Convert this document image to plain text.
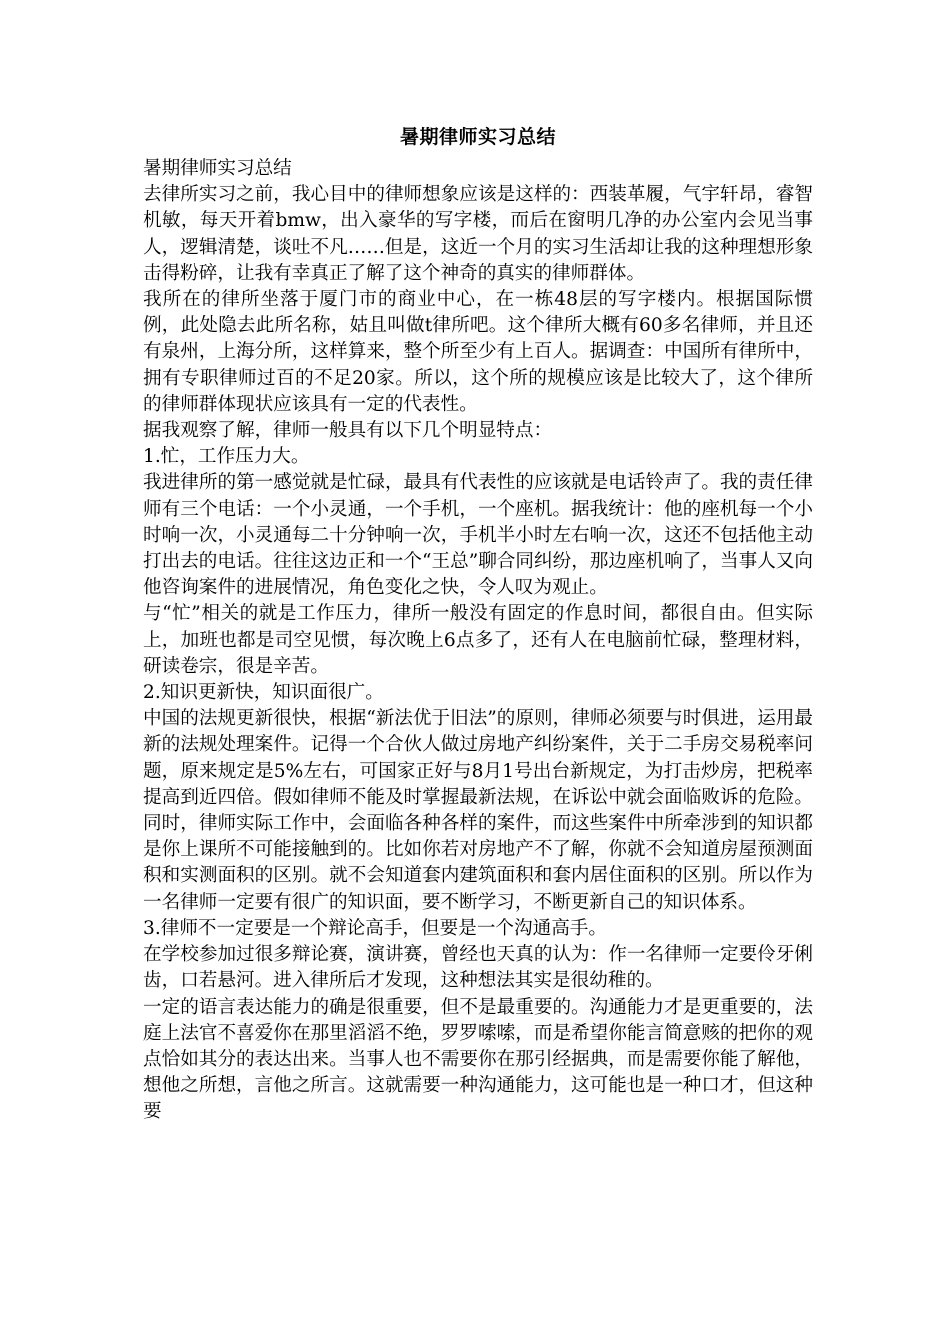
暑期律师实习总结

暑期律师实习总结

去律所实习之前，我心目中的律师想象应该是这样的：西装革履，气宇轩昂，睿智机敏，每天开着bmw，出入豪华的写字楼，而后在窗明几净的办公室内会见当事人，逻辑清楚，谈吐不凡……但是，这近一个月的实习生活却让我的这种理想形象击得粉碎，让我有幸真正了解了这个神奇的真实的律师群体。

我所在的律所坐落于厦门市的商业中心，在一栋48层的写字楼内。根据国际惯例，此处隐去此所名称，姑且叫做t律所吧。这个律所大概有60多名律师，并且还有泉州，上海分所，这样算来，整个所至少有上百人。据调查：中国所有律所中，拥有专职律师过百的不足20家。所以，这个所的规模应该是比较大了，这个律所的律师群体现状应该具有一定的代表性。

据我观察了解，律师一般具有以下几个明显特点：

1.忙，工作压力大。

我进律所的第一感觉就是忙碌，最具有代表性的应该就是电话铃声了。我的责任律师有三个电话：一个小灵通，一个手机，一个座机。据我统计：他的座机每一个小时响一次，小灵通每二十分钟响一次，手机半小时左右响一次，这还不包括他主动打出去的电话。往往这边正和一个“王总”聊合同纠纷，那边座机响了，当事人又向他咨询案件的进展情况，角色变化之快，令人叹为观止。

与“忙”相关的就是工作压力，律所一般没有固定的作息时间，都很自由。但实际上，加班也都是司空见惯，每次晚上6点多了，还有人在电脑前忙碌，整理材料，研读卷宗，很是辛苦。

2.知识更新快，知识面很广。

中国的法规更新很快，根据“新法优于旧法”的原则，律师必须要与时俱进，运用最新的法规处理案件。记得一个合伙人做过房地产纠纷案件，关于二手房交易税率问题，原来规定是5%左右，可国家正好与8月1号出台新规定，为打击炒房，把税率提高到近四倍。假如律师不能及时掌握最新法规，在诉讼中就会面临败诉的危险。同时，律师实际工作中，会面临各种各样的案件，而这些案件中所牵涉到的知识都是你上课所不可能接触到的。比如你若对房地产不了解，你就不会知道房屋预测面积和实测面积的区别。就不会知道套内建筑面积和套内居住面积的区别。所以作为一名律师一定要有很广的知识面，要不断学习，不断更新自己的知识体系。

3.律师不一定要是一个辩论高手，但要是一个沟通高手。

在学校参加过很多辩论赛，演讲赛，曾经也天真的认为：作一名律师一定要伶牙俐齿，口若悬河。进入律所后才发现，这种想法其实是很幼稚的。

一定的语言表达能力的确是很重要，但不是最重要的。沟通能力才是更重要的，法庭上法官不喜爱你在那里滔滔不绝，罗罗嗦嗦，而是希望你能言简意赅的把你的观点恰如其分的表达出来。当事人也不需要你在那引经据典，而是需要你能了解他，想他之所想，言他之所言。这就需要一种沟通能力，这可能也是一种口才，但这种要
